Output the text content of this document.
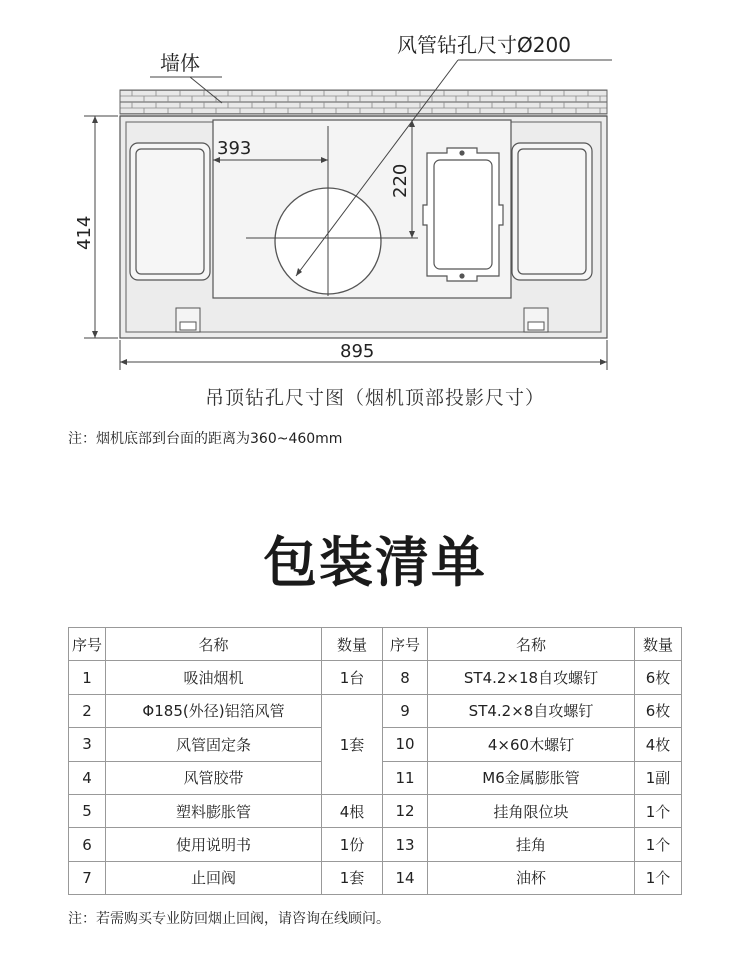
墙体
风管钻孔尺寸Ø200
393
220
414
895
吊顶钻孔尺寸图（烟机顶部投影尺寸）
注：烟机底部到台面的距离为360~460mm
包装清单
序号	名称	数量	序号	名称	数量
1	吸油烟机	1台	8	ST4.2×18自攻螺钉	6枚
2	Φ185(外径)铝箔风管	1套	9	ST4.2×8自攻螺钉	6枚
3	风管固定条		10	4×60木螺钉	4枚
4	风管胶带		11	M6金属膨胀管	1副
5	塑料膨胀管	4根	12	挂角限位块	1个
6	使用说明书	1份	13	挂角	1个
7	止回阀	1套	14	油杯	1个
注：若需购买专业防回烟止回阀，请咨询在线顾问。
